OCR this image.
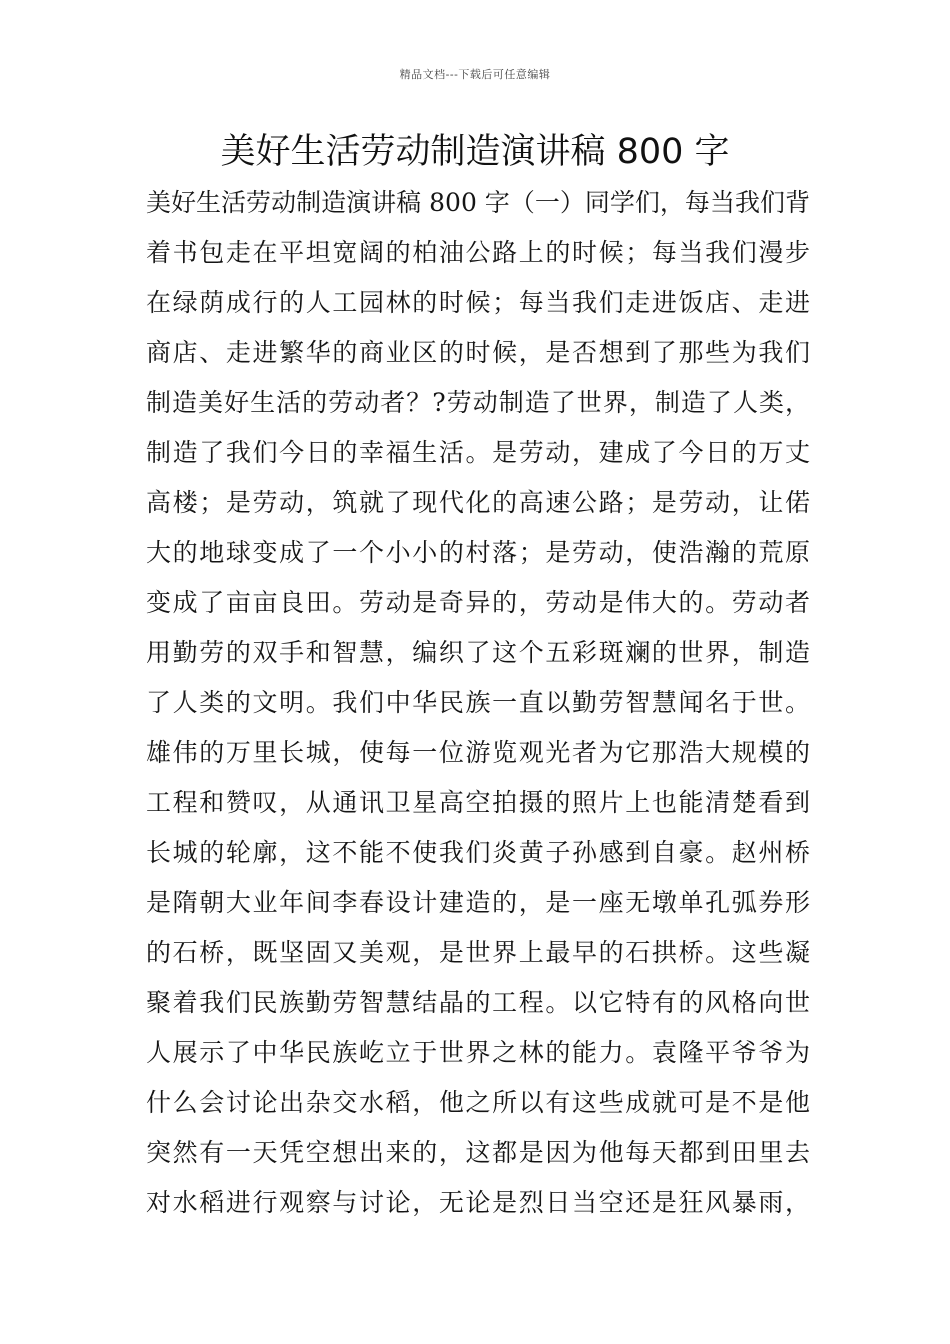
精品文档---下载后可任意编辑
美好生活劳动制造演讲稿 800 字
美好生活劳动制造演讲稿 800 字（一）同学们，每当我们背
着书包走在平坦宽阔的柏油公路上的时候；每当我们漫步
在绿荫成行的人工园林的时候；每当我们走进饭店、走进
商店、走进繁华的商业区的时候，是否想到了那些为我们
制造美好生活的劳动者？?劳动制造了世界，制造了人类，
制造了我们今日的幸福生活。是劳动，建成了今日的万丈
高楼；是劳动，筑就了现代化的高速公路；是劳动，让偌
大的地球变成了一个小小的村落；是劳动，使浩瀚的荒原
变成了亩亩良田。劳动是奇异的，劳动是伟大的。劳动者
用勤劳的双手和智慧，编织了这个五彩斑斓的世界，制造
了人类的文明。我们中华民族一直以勤劳智慧闻名于世。
雄伟的万里长城，使每一位游览观光者为它那浩大规模的
工程和赞叹，从通讯卫星高空拍摄的照片上也能清楚看到
长城的轮廓，这不能不使我们炎黄子孙感到自豪。赵州桥
是隋朝大业年间李春设计建造的，是一座无墩单孔弧券形
的石桥，既坚固又美观，是世界上最早的石拱桥。这些凝
聚着我们民族勤劳智慧结晶的工程。以它特有的风格向世
人展示了中华民族屹立于世界之林的能力。袁隆平爷爷为
什么会讨论出杂交水稻，他之所以有这些成就可是不是他
突然有一天凭空想出来的，这都是因为他每天都到田里去
对水稻进行观察与讨论，无论是烈日当空还是狂风暴雨，
